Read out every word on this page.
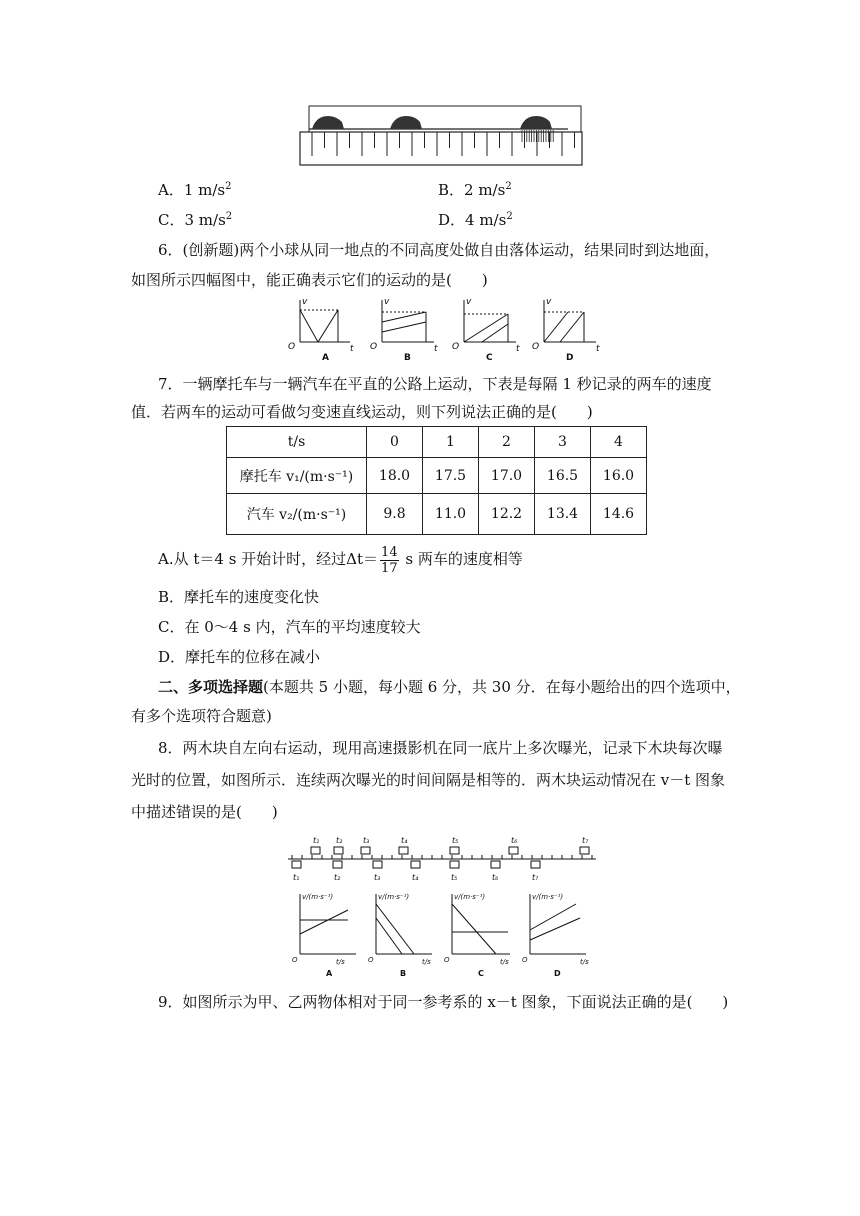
A．1 $m/s^2$	B．2 $m/s^2$
C．3 $m/s^2$	D．4 $m/s^2$
6．(创新题)两个小球从同一地点的不同高度处做自由落体运动，结果同时到达地面，
如图所示四幅图中，能正确表示它们的运动的是(　　)
v
O	t
v
O	t
v
O	t
v
O	t
A	B	C	D
7．一辆摩托车与一辆汽车在平直的公路上运动，下表是每隔 1 秒记录的两车的速度
值．若两车的运动可看做匀变速直线运动，则下列说法正确的是(　　)
t/s	0	1	2	3	4
摩托车 v₁/(m·s⁻¹)	18.0	17.5	17.0	16.5	16.0
汽车 v₂/(m·s⁻¹)	9.8	11.0	12.2	13.4	14.6
A.从 t＝4 s 开始计时，经过$\Delta t= \frac{14}{17}$ s 两车的速度相等
B．摩托车的速度变化快
C．在 0～4 s 内，汽车的平均速度较大
D．摩托车的位移在减小
二、多项选择题(本题共 5 小题，每小题 6 分，共 30 分．在每小题给出的四个选项中，
有多个选项符合题意)
8．两木块自左向右运动，现用高速摄影机在同一底片上多次曝光，记录下木块每次曝
光时的位置，如图所示．连续两次曝光的时间间隔是相等的．两木块运动情况在 v－t 图象
中描述错误的是(　　)
t₁ t₂	t₃	t₄	t₅	t₆	t₇
t₁	t₂	t₃	t₄	t₅	t₆	t₇
v/(m·s⁻¹)
O
v/(m·s⁻¹)
O	t/s
v/(m·s⁻¹)
O	t/s
v/(m·s⁻¹)
O	t/s
t/s
A	B	C	D
9．如图所示为甲、乙两物体相对于同一参考系的 x－t 图象，下面说法正确的是(　　)
